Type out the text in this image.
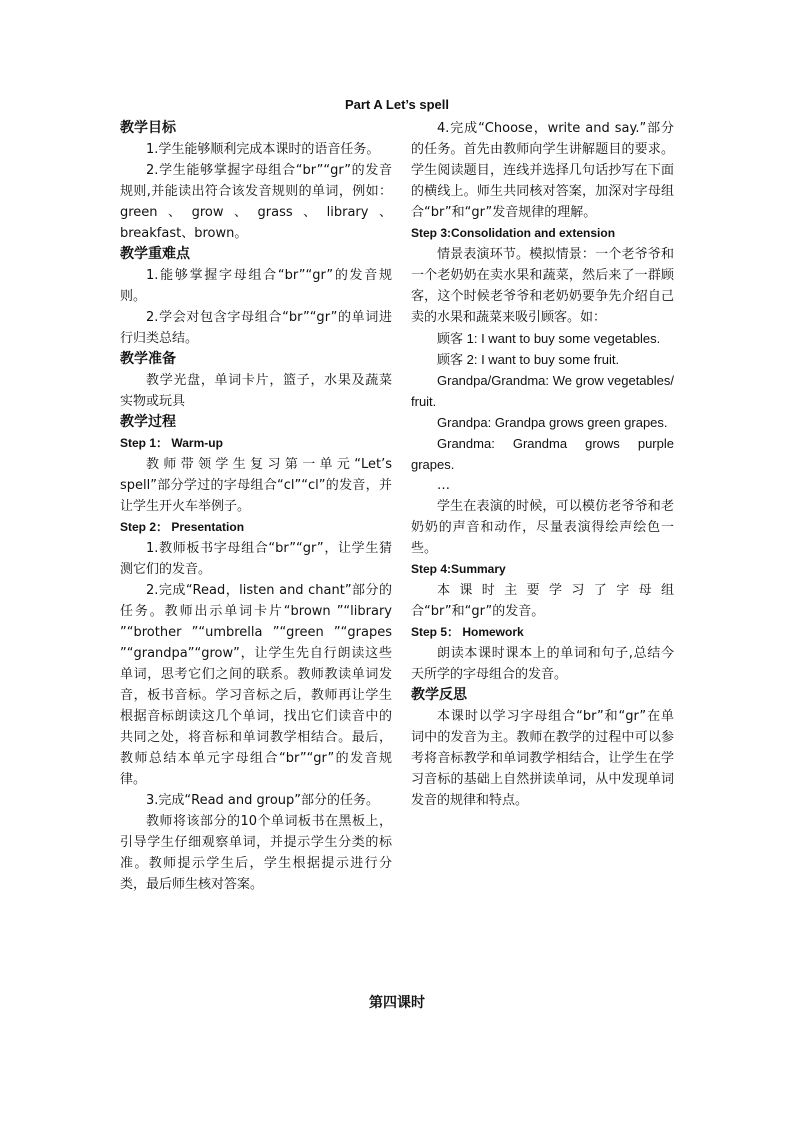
Part A Let’s spell

教学目标

1.学生能够顺利完成本课时的语音任务。

2.学生能够掌握字母组合“br”“gr”的发音规则,并能读出符合该发音规则的单词，例如：green、grow、grass、library、breakfast、brown。

教学重难点

1.能够掌握字母组合“br”“gr”的发音规则。

2.学会对包含字母组合“br”“gr”的单词进行归类总结。

教学准备

教学光盘，单词卡片，篮子，水果及蔬菜实物或玩具

教学过程

Step 1： Warm-up

教师带领学生复习第一单元“Let’s spell”部分学过的字母组合“cl”“cl”的发音，并让学生开火车举例子。

Step 2： Presentation

1.教师板书字母组合“br”“gr”，让学生猜测它们的发音。

2.完成“Read，listen and chant”部分的任务。教师出示单词卡片“brown ”“library ”“brother ”“umbrella ”“green ”“grapes ”“grandpa”“grow”，让学生先自行朗读这些单词，思考它们之间的联系。教师教读单词发音，板书音标。学习音标之后，教师再让学生根据音标朗读这几个单词，找出它们读音中的共同之处，将音标和单词教学相结合。最后，教师总结本单元字母组合“br”“gr”的发音规律。

3.完成“Read and group”部分的任务。

教师将该部分的10个单词板书在黑板上，引导学生仔细观察单词，并提示学生分类的标准。教师提示学生后，学生根据提示进行分类，最后师生核对答案。

4.完成“Choose，write and say.”部分的任务。首先由教师向学生讲解题目的要求。学生阅读题目，连线并选择几句话抄写在下面的横线上。师生共同核对答案，加深对字母组合“br”和“gr”发音规律的理解。

Step 3:Consolidation and extension

情景表演环节。模拟情景：一个老爷爷和一个老奶奶在卖水果和蔬菜，然后来了一群顾客，这个时候老爷爷和老奶奶要争先介绍自己卖的水果和蔬菜来吸引顾客。如：

顾客 1: I want to buy some vegetables.

顾客 2: I want to buy some fruit.

Grandpa/Grandma: We grow vegetables/ fruit.

Grandpa: Grandpa grows green grapes.

Grandma: Grandma grows purple grapes.

…

学生在表演的时候，可以模仿老爷爷和老奶奶的声音和动作，尽量表演得绘声绘色一些。

Step 4:Summary

本课时主要学习了字母组合“br”和“gr”的发音。

Step 5： Homework

朗读本课时课本上的单词和句子,总结今天所学的字母组合的发音。

教学反思

本课时以学习字母组合“br”和“gr”在单词中的发音为主。教师在教学的过程中可以参考将音标教学和单词教学相结合，让学生在学习音标的基础上自然拼读单词，从中发现单词发音的规律和特点。

第四课时
